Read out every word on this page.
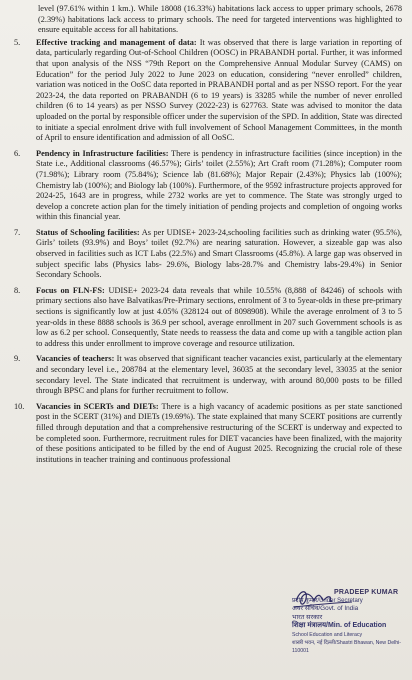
level (97.61% within 1 km.). While 18008 (16.33%) habitations lack access to upper primary schools, 2678 (2.39%) habitations lack access to primary schools. The need for targeted interventions was highlighted to ensure equitable access for all habitations.

5.	Effective tracking and management of data: It was observed that there is large variation in reporting of data, particularly regarding Out-of-School Children (OOSC) in PRABANDH portal. Further, it was informed that upon analysis of the NSS “79th Report on the Comprehensive Annual Modular Survey (CAMS) on Education” for the period July 2022 to June 2023 on education, considering “never enrolled” children, variation was noticed in the OoSC data reported in PRABANDH portal and as per NSSO report. For the year 2023-24, the data reported on PRABANDH (6 to 19 years) is 33285 while the number of never enrolled children (6 to 14 years) as per NSSO Survey (2022-23) is 627763. State was advised to monitor the data uploaded on the portal by responsible officer under the supervision of the SPD. In addition, State was directed to initiate a special enrolment drive with full involvement of School Management Committees, in the month of April to ensure identification and admission of all OoSC.
6.	Pendency in Infrastructure facilities: There is pendency in infrastructure facilities (since inception) in the State i.e., Additional classrooms (46.57%); Girls’ toilet (2.55%); Art Craft room (71.28%); Computer room (71.98%); Library room (75.84%); Science lab (81.68%); Major Repair (2.43%); Physics lab (100%); Chemistry lab (100%); and Biology lab (100%). Furthermore, of the 9592 infrastructure projects approved for 2024-25, 1643 are in progress, while 2732 works are yet to commence. The State was strongly urged to develop a concrete action plan for the timely initiation of pending projects and completion of ongoing works within this financial year.
7.	Status of Schooling facilities: As per UDISE+ 2023-24,schooling facilities such as drinking water (95.5%), Girls’ toilets (93.9%) and Boys’ toilet (92.7%) are nearing saturation. However, a sizeable gap was also observed in facilities such as ICT Labs (22.5%) and Smart Classrooms (45.8%). A large gap was observed in subject specific labs (Physics labs- 29.6%, Biology labs-28.7% and Chemistry labs-29.4%) in Senior Secondary Schools.
8.	Focus on FLN-FS: UDISE+ 2023-24 data reveals that while 10.55% (8,888 of 84246) of schools with primary sections also have Balvatikas/Pre-Primary sections, enrolment of 3 to 5year-olds in these pre-primary sections is significantly low at just 4.05% (328124 out of 8098908). While the average enrolment of 3 to 5 year-olds in these 8888 schools is 36.9 per school, average enrollment in 207 such Government schools is as low as 6.2 per school. Consequently, State needs to reassess the data and come up with a tangible action plan to address this under enrollment to improve coverage and resource utilization.
9.	Vacancies of teachers: It was observed that significant teacher vacancies exist, particularly at the elementary and secondary level i.e., 208784 at the elementary level, 36035 at the secondary level, 33035 at the senior secondary level. The State indicated that recruitment is underway, with around 80,000 posts to be filled through BPSC and plans for further recruitment to follow.
10.	Vacancies in SCERTs and DIETs: There is a high vacancy of academic positions as per state sanctioned post in the SCERT (31%) and DIETs (19.69%). The state explained that many SCERT positions are currently filled through deputation and that a comprehensive restructuring of the SCERT is underway and expected to be completed soon. Furthermore, recruitment rules for DIET vacancies have been finalized, with the majority of these positions anticipated to be filled by the end of August 2025. Recognizing the crucial role of these institutions in teacher training and continuous professional
PRADEEP KUMAR
प्रदीप कुमार/Under Secretary
अवर सचिव/Govt. of India
भारत सरकार
शिक्षा मंत्रालय/Min. of Education
School Education and Literacy
शास्त्री भवन, नई दिल्ली/Shastri Bhawan, New Delhi-110001
